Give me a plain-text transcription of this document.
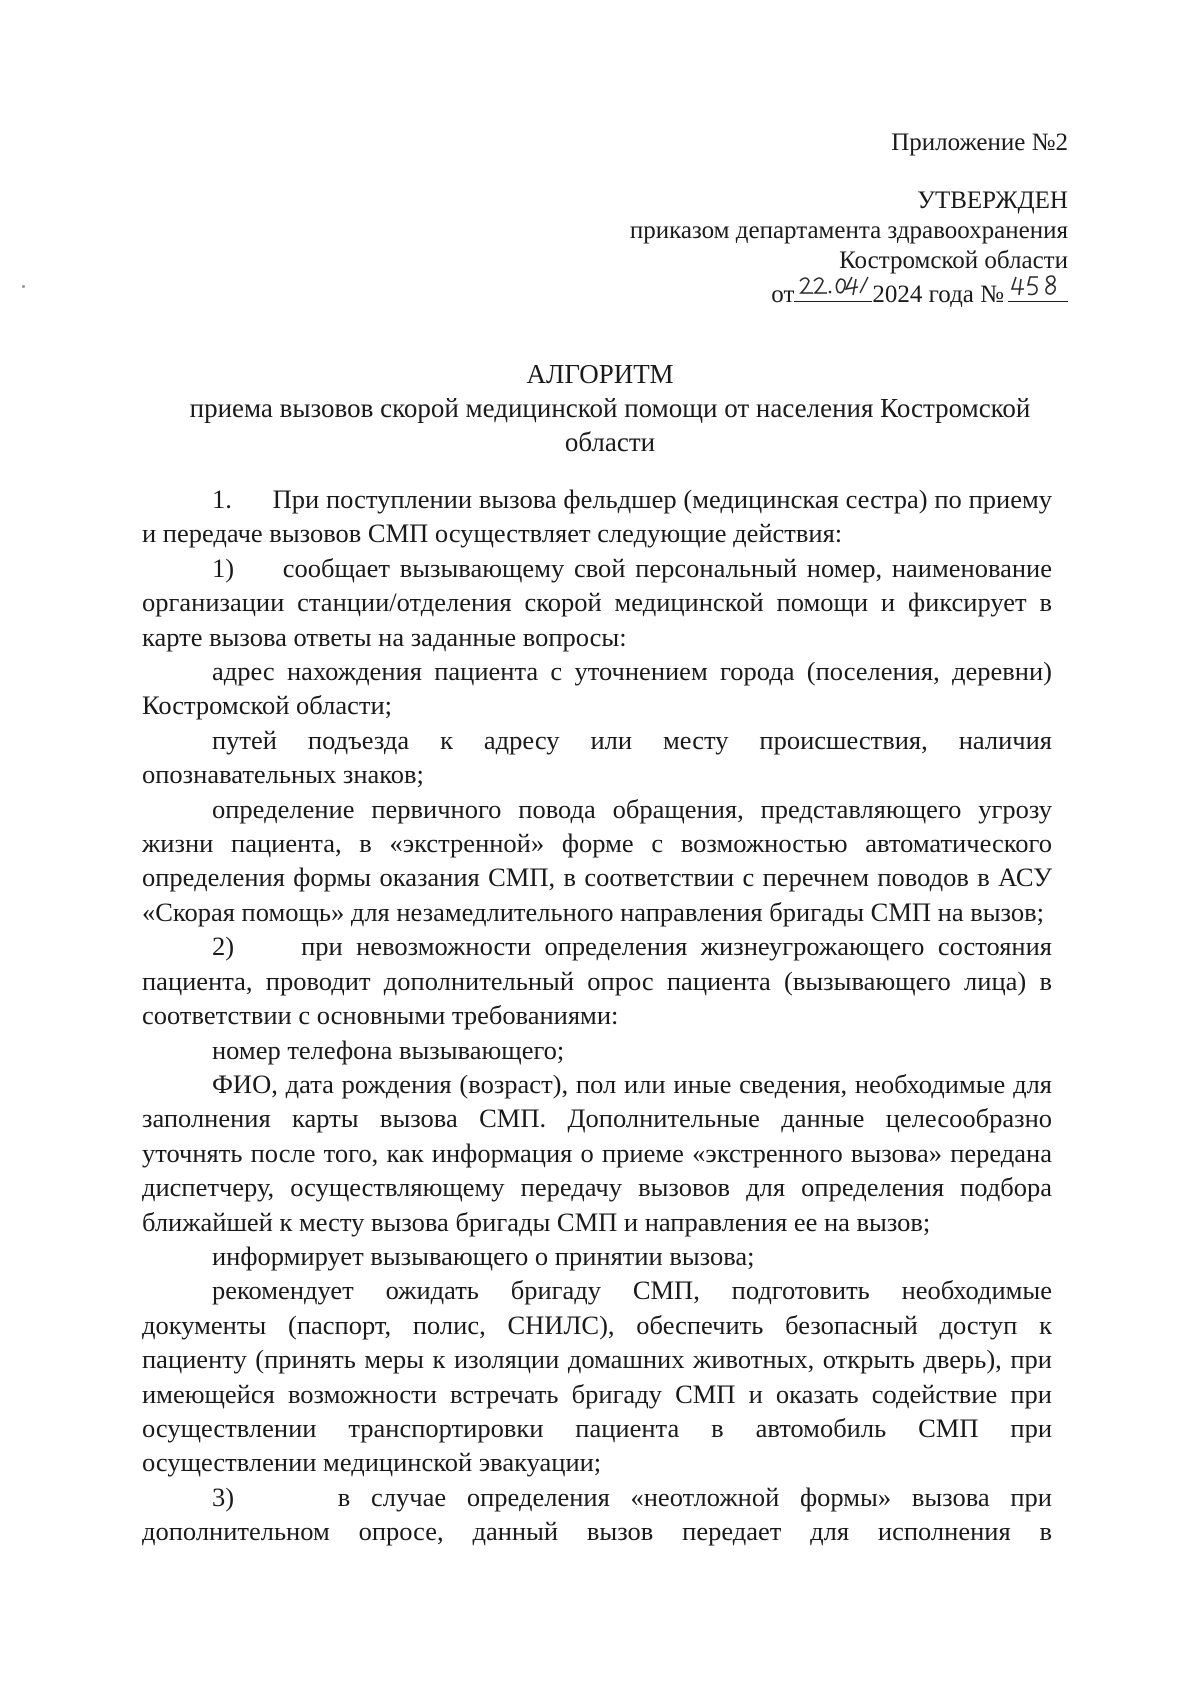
Приложение №2
УТВЕРЖДЕН
приказом департамента здравоохранения
Костромской области
от	2024 года №
АЛГОРИТМ
приема вызовов скорой медицинской помощи от населения Костромской области

1.      При поступлении вызова фельдшер (медицинская сестра) по приему и передаче вызовов СМП осуществляет следующие действия:

1)     сообщает вызывающему свой персональный номер, наименование организации станции/отделения скорой медицинской помощи и фиксирует в карте вызова ответы на заданные вопросы:

адрес нахождения пациента с уточнением города (поселения, деревни) Костромской области;

путей подъезда к адресу или месту происшествия, наличия опознавательных знаков;

определение первичного повода обращения, представляющего угрозу жизни пациента, в «экстренной» форме с возможностью автоматического определения формы оказания СМП, в соответствии с перечнем поводов в АСУ «Скорая помощь» для незамедлительного направления бригады СМП на вызов;

2)     при невозможности определения жизнеугрожающего состояния пациента, проводит дополнительный опрос пациента (вызывающего лица) в соответствии с основными требованиями:

номер телефона вызывающего;

ФИО, дата рождения (возраст), пол или иные сведения, необходимые для заполнения карты вызова СМП. Дополнительные данные целесообразно уточнять после того, как информация о приеме «экстренного вызова» передана диспетчеру, осуществляющему передачу вызовов для определения подбора ближайшей к месту вызова бригады СМП и направления ее на вызов;

информирует вызывающего о принятии вызова;

рекомендует ожидать бригаду СМП, подготовить необходимые документы (паспорт, полис, СНИЛС), обеспечить безопасный доступ к пациенту (принять меры к изоляции домашних животных, открыть дверь), при имеющейся возможности встречать бригаду СМП и оказать содействие при осуществлении транспортировки пациента в автомобиль СМП при осуществлении медицинской эвакуации;

3)     в случае определения «неотложной формы» вызова при дополнительном опросе, данный вызов передает для исполнения в
